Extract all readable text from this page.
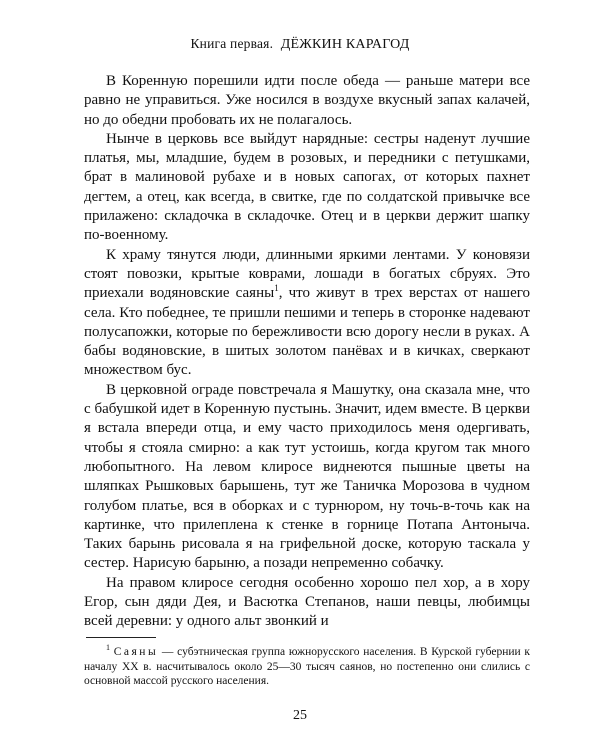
Книга первая. ДЁЖКИН КАРАГОД

В Коренную порешили идти после обеда — раньше матери все равно не управиться. Уже носился в воздухе вкусный запах калачей, но до обедни пробовать их не полагалось.

Нынче в церковь все выйдут нарядные: сестры наденут лучшие платья, мы, младшие, будем в розовых, и передники с петушками, брат в малиновой рубахе и в новых сапогах, от которых пахнет дегтем, а отец, как всегда, в свитке, где по солдатской привычке все прилажено: складочка в складочке. Отец и в церкви держит шапку по-военному.

К храму тянутся люди, длинными яркими лентами. У коновязи стоят повозки, крытые коврами, лошади в богатых сбруях. Это приехали водяновские саяны$^1$, что живут в трех верстах от нашего села. Кто победнее, те пришли пешими и теперь в сторонке надевают полусапожки, которые по бережливости всю дорогу несли в руках. А бабы водяновские, в шитых золотом панёвах и в кичках, сверкают множеством бус.

В церковной ограде повстречала я Машутку, она сказала мне, что с бабушкой идет в Коренную пустынь. Значит, идем вместе. В церкви я встала впереди отца, и ему часто приходилось меня одергивать, чтобы я стояла смирно: а как тут устоишь, когда кругом так много любопытного. На левом клиросе виднеются пышные цветы на шляпках Рышковых барышень, тут же Таничка Морозова в чудном голубом платье, вся в оборках и с турнюром, ну точь-в-точь как на картинке, что прилеплена к стенке в горнице Потапа Антоныча. Таких барынь рисовала я на грифельной доске, которую таскала у сестер. Нарисую барыню, а позади непременно собачку.

На правом клиросе сегодня особенно хорошо пел хор, а в хору Егор, сын дяди Дея, и Васютка Степанов, наши певцы, любимцы всей деревни: у одного альт звонкий и

$^1$ Саяны — субэтническая группа южнорусского населения. В Курской губернии к началу XX в. насчитывалось около 25—30 тысяч саянов, но постепенно они слились с основной массой русского населения.
25
